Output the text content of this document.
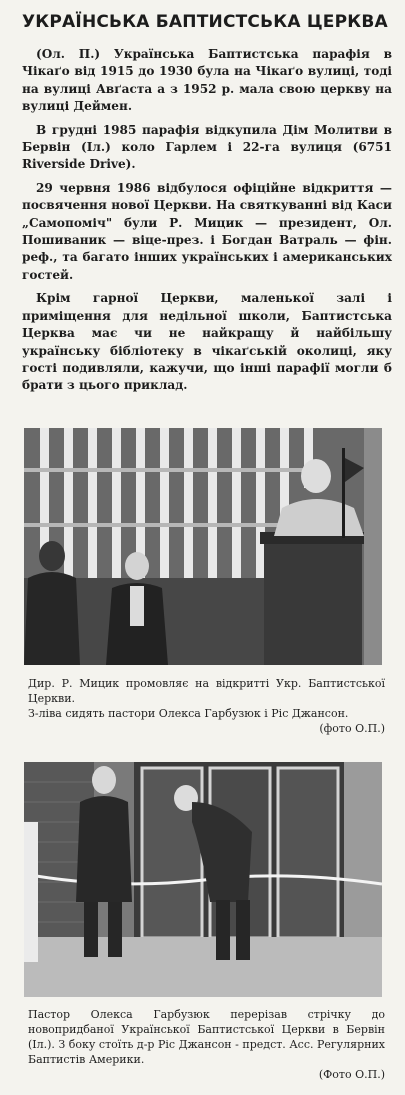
УКРАЇНСЬКА БАПТИСТСЬКА ЦЕРКВА

(Ол. П.) Українська Баптистська парафія в Чікаґо від 1915 до 1930 була на Чікаґо вулиці, тоді на вулиці Авґаста а з 1952 р. мала свою церкву на вулиці Деймен.

В грудні 1985 парафія відкупила Дім Молитви в Бервін (Іл.) коло Гарлем і 22-га вулиця (6751 Riverside Drive).

29 червня 1986 відбулося офіційне відкриття —посвячення нової Церкви. На святкуванні від Каси „Самопоміч" були Р. Мицик — президент, Ол. Пошиваник — віце-през. і Богдан Ватраль — фін. реф., та багато інших українських і американських гостей.

Крім гарної Церкви, маленької залі і приміщення для недільної школи, Баптистська Церква має чи не найкращу й найбільшу українську бібліотеку в чікаґській околиці, яку гості подивляли, кажучи, що інші парафії могли б брати з цього приклад.

Дир. Р. Мицик промовляє на відкритті Укр. Баптистської Церкви.

З-ліва сидять пастори Олекса Гарбузюк і Ріс Джансон.

(фото О.П.)

Пастор Олекса Гарбузюк перерізав стрічку до новопридбаної Української Баптистської Церкви в Бервін (Іл.). З боку стоїть д-р Ріс Джансон - предст. Асс. Регулярних Баптистів Америки.

(Фото О.П.)
